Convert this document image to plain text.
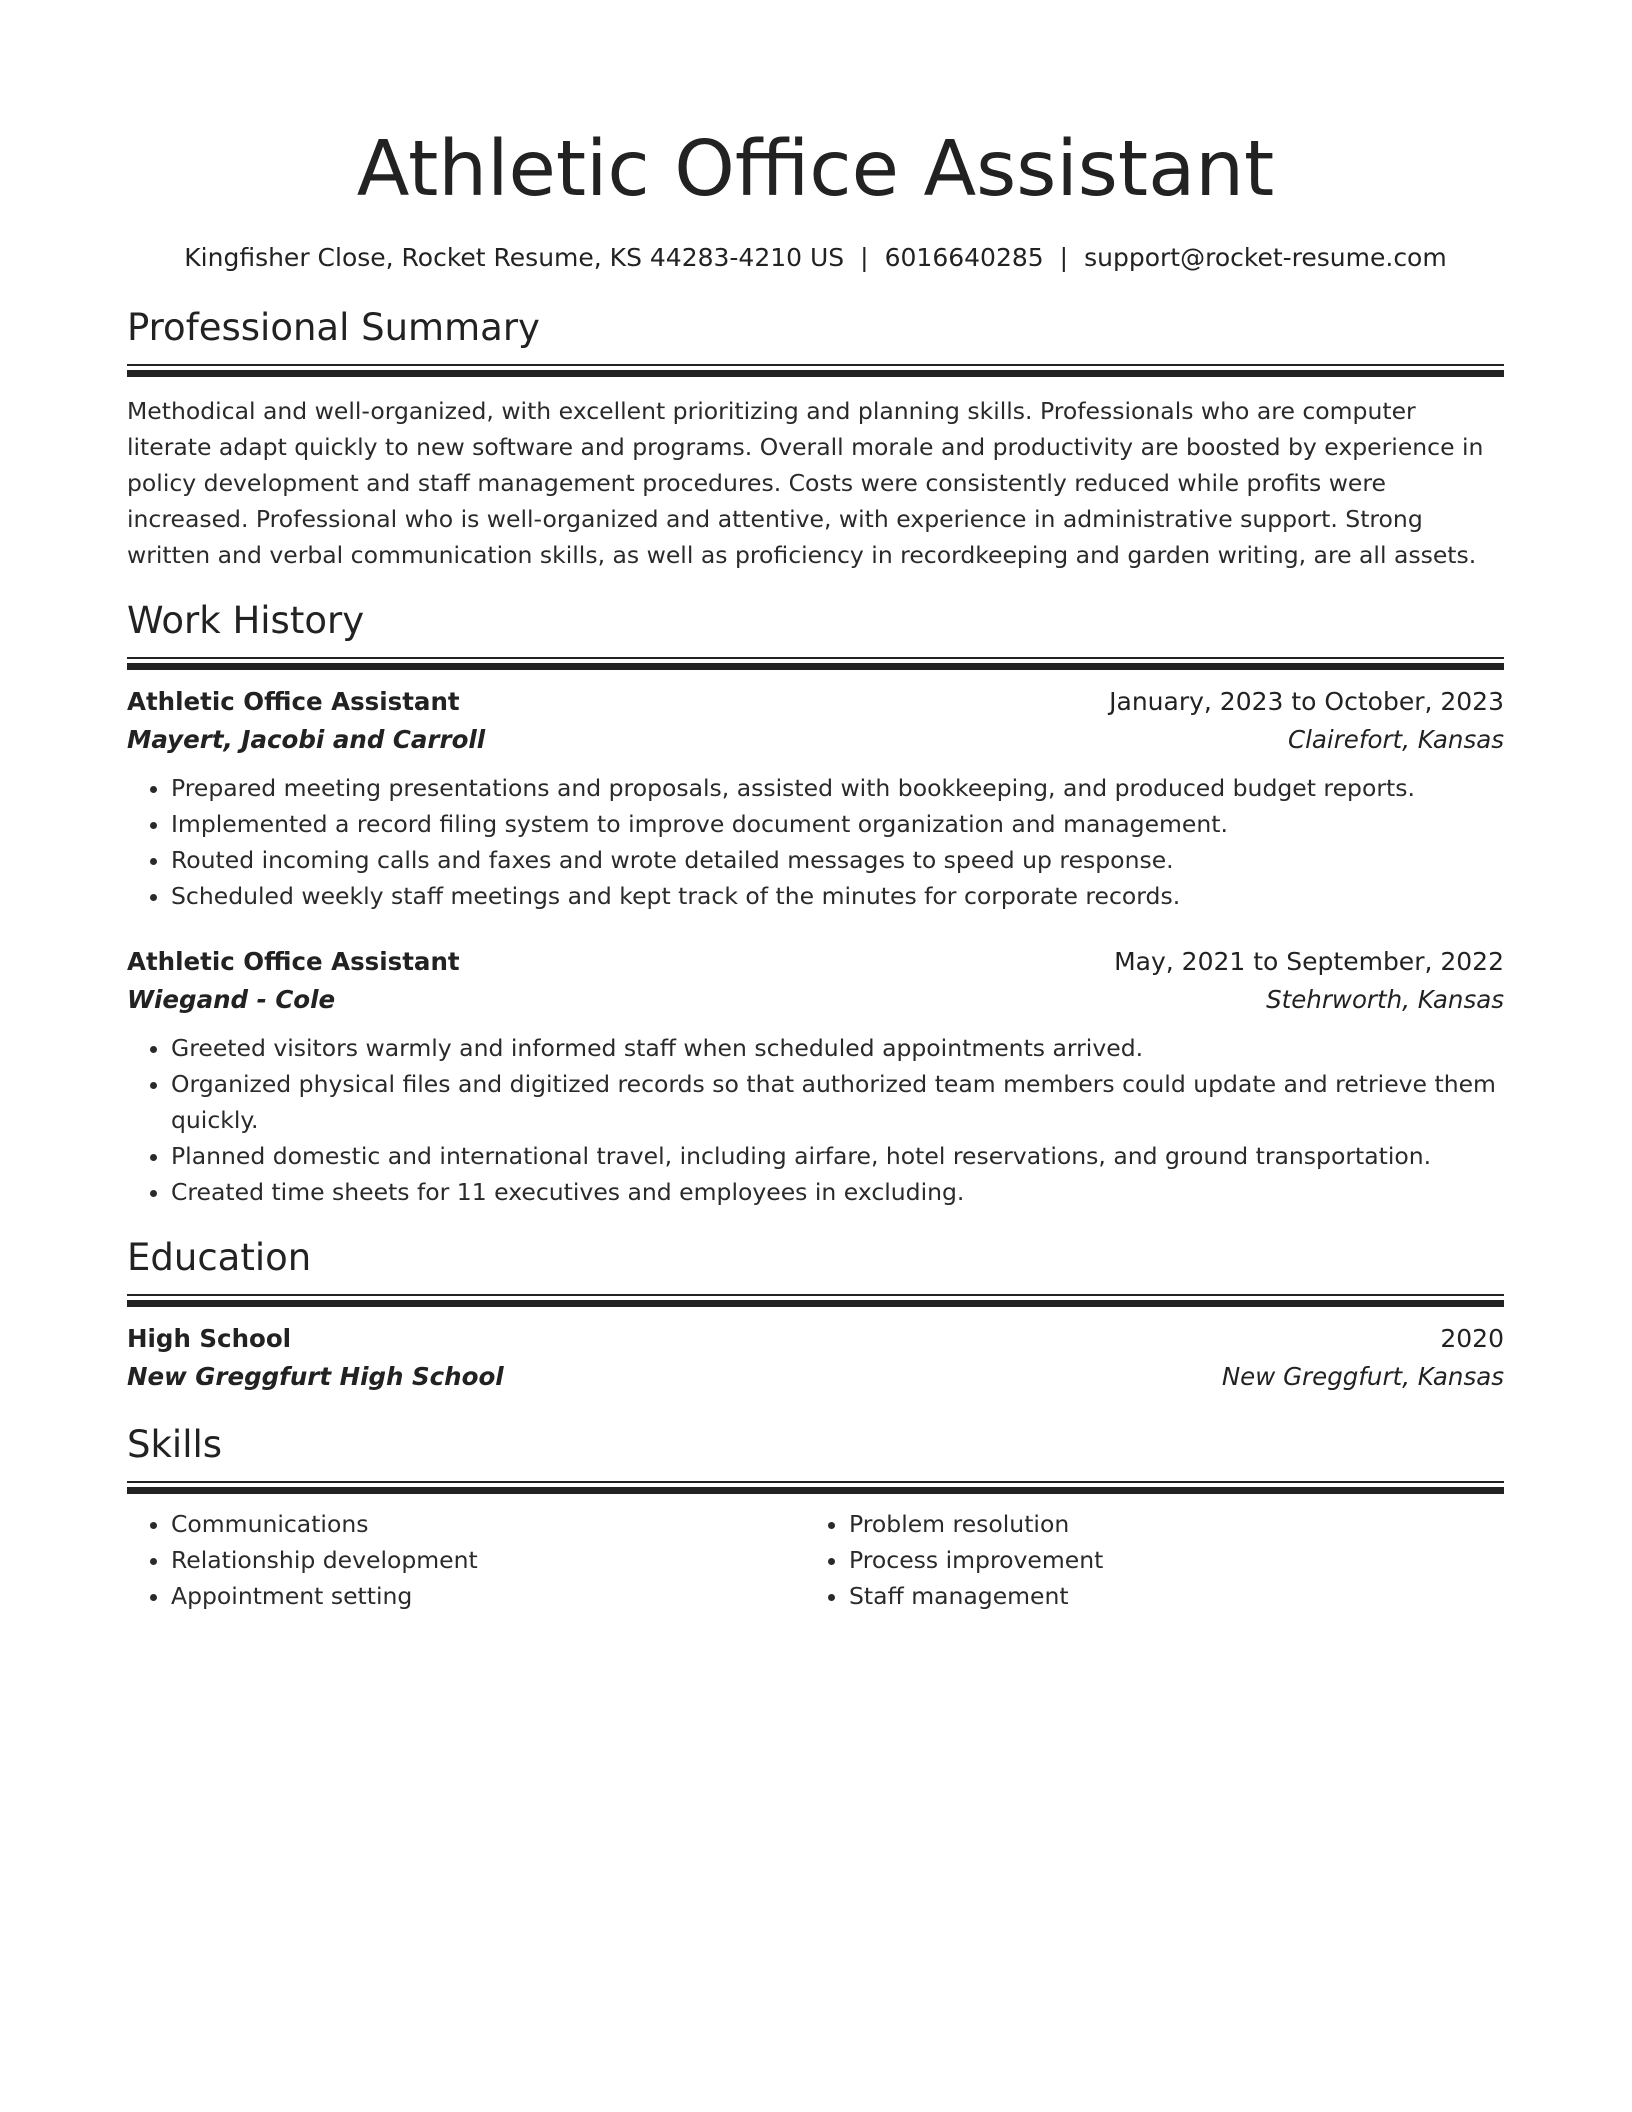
Athletic Office Assistant
Kingfisher Close, Rocket Resume, KS 44283-4210 US | 6016640285 | support@rocket-resume.com
Professional Summary

Methodical and well-organized, with excellent prioritizing and planning skills. Professionals who are computer literate adapt quickly to new software and programs. Overall morale and productivity are boosted by experience in policy development and staff management procedures. Costs were consistently reduced while profits were increased. Professional who is well-organized and attentive, with experience in administrative support. Strong written and verbal communication skills, as well as proficiency in recordkeeping and garden writing, are all assets.

Work History
Athletic Office Assistant	January, 2023 to October, 2023
Mayert, Jacobi and Carroll	Clairefort, Kansas
• Prepared meeting presentations and proposals, assisted with bookkeeping, and produced budget reports.
• Implemented a record filing system to improve document organization and management.
• Routed incoming calls and faxes and wrote detailed messages to speed up response.
• Scheduled weekly staff meetings and kept track of the minutes for corporate records.
Athletic Office Assistant	May, 2021 to September, 2022
Wiegand - Cole	Stehrworth, Kansas
• Greeted visitors warmly and informed staff when scheduled appointments arrived.
• Organized physical files and digitized records so that authorized team members could update and retrieve them quickly.
• Planned domestic and international travel, including airfare, hotel reservations, and ground transportation.
• Created time sheets for 11 executives and employees in excluding.
Education
High School	2020
New Greggfurt High School	New Greggfurt, Kansas
Skills
• Communications
• Relationship development
• Appointment setting
• Problem resolution
• Process improvement
• Staff management
